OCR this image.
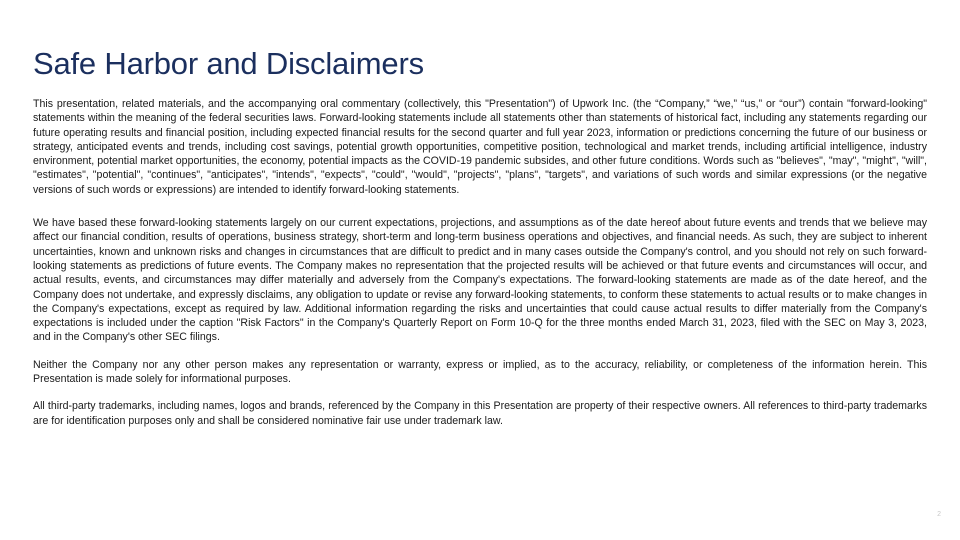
Safe Harbor and Disclaimers

This presentation, related materials, and the accompanying oral commentary (collectively, this "Presentation") of Upwork Inc. (the “Company,” “we,” “us,” or “our”) contain "forward-looking" statements within the meaning of the federal securities laws. Forward-looking statements include all statements other than statements of historical fact, including any statements regarding our future operating results and financial position, including expected financial results for the second quarter and full year 2023, information or predictions concerning the future of our business or strategy, anticipated events and trends, including cost savings, potential growth opportunities, competitive position, technological and market trends, including artificial intelligence, industry environment, potential market opportunities, the economy, potential impacts as the COVID-19 pandemic subsides, and other future conditions. Words such as "believes", "may", "might", "will", "estimates", "potential", "continues", "anticipates", "intends", "expects", "could", "would", "projects", "plans", "targets", and variations of such words and similar expressions (or the negative versions of such words or expressions) are intended to identify forward-looking statements.

We have based these forward-looking statements largely on our current expectations, projections, and assumptions as of the date hereof about future events and trends that we believe may affect our financial condition, results of operations, business strategy, short-term and long-term business operations and objectives, and financial needs. As such, they are subject to inherent uncertainties, known and unknown risks and changes in circumstances that are difficult to predict and in many cases outside the Company's control, and you should not rely on such forward-looking statements as predictions of future events. The Company makes no representation that the projected results will be achieved or that future events and circumstances will occur, and actual results, events, and circumstances may differ materially and adversely from the Company's expectations. The forward-looking statements are made as of the date hereof, and the Company does not undertake, and expressly disclaims, any obligation to update or revise any forward-looking statements, to conform these statements to actual results or to make changes in the Company's expectations, except as required by law. Additional information regarding the risks and uncertainties that could cause actual results to differ materially from the Company's expectations is included under the caption "Risk Factors" in the Company's Quarterly Report on Form 10-Q for the three months ended March 31, 2023, filed with the SEC on May 3, 2023, and in the Company's other SEC filings.

Neither the Company nor any other person makes any representation or warranty, express or implied, as to the accuracy, reliability, or completeness of the information herein. This Presentation is made solely for informational purposes.

All third-party trademarks, including names, logos and brands, referenced by the Company in this Presentation are property of their respective owners. All references to third-party trademarks are for identification purposes only and shall be considered nominative fair use under trademark law.

2
